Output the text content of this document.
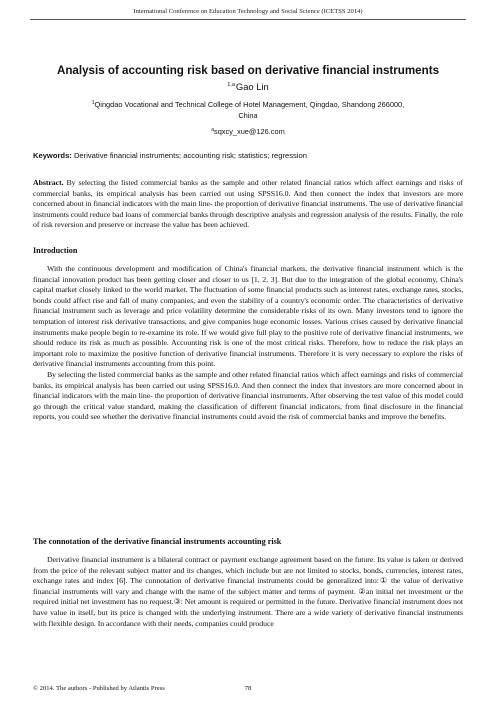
International Conference on Education Technology and Social Science (ICETSS 2014)
Analysis of accounting risk based on derivative financial instruments
$^{1,a}$Gao Lin
$^1$Qingdao Vocational and Technical College of Hotel Management, Qingdao, Shandong 266000, China
$^a$sqxcy_xue@126.com
Keywords: Derivative financial instruments; accounting risk; statistics; regression

Abstract. By selecting the listed commercial banks as the sample and other related financial ratios which affect earnings and risks of commercial banks, its empirical analysis has been carried out using SPSS16.0. And then connect the index that investors are more concerned about in financial indicators with the main line- the proportion of derivative financial instruments. The use of derivative financial instruments could reduce bad loans of commercial banks through descriptive analysis and regression analysis of the results. Finally, the role of risk reversion and preserve or increase the value has been achieved.

Introduction

With the continuous development and modification of China's financial markets, the derivative financial instrument which is the financial innovation product has been getting closer and closer to us [1, 2, 3]. But due to the integration of the global economy, China's capital market closely linked to the world market. The fluctuation of some financial products such as interest rates, exchange rates, stocks, bonds could affect rise and fall of many companies, and even the stability of a country's economic order. The characteristics of derivative financial instrument such as leverage and price volatility determine the considerable risks of its own. Many investors tend to ignore the temptation of interest risk derivative transactions, and give companies huge economic losses. Various crises caused by derivative financial instruments make people begin to re-examine its role. If we would give full play to the positive role of derivative financial instruments, we should reduce its risk as much as possible. Accounting risk is one of the most critical risks. Therefore, how to reduce the risk plays an important role to maximize the positive function of derivative financial instruments. Therefore it is very necessary to explore the risks of derivative financial instruments accounting from this point.

By selecting the listed commercial banks as the sample and other related financial ratios which affect earnings and risks of commercial banks, its empirical analysis has been carried out using SPSS16.0. And then connect the index that investors are more concerned about in financial indicators with the main line- the proportion of derivative financial instruments. After observing the test value of this model could go through the critical value standard, making the classification of different financial indicators, from final disclosure in the financial reports, you could see whether the derivative financial instruments could avoid the risk of commercial banks and improve the benefits.

The connotation of the derivative financial instruments accounting risk

Derivative financial instrument is a bilateral contract or payment exchange agreement based on the future. Its value is taken or derived from the price of the relevant subject matter and its changes, which include but are not limited to stocks, bonds, currencies, interest rates, exchange rates and index [6]. The connotation of derivative financial instruments could be generalized into:① the value of derivative financial instruments will vary and change with the name of the subject matter and terms of payment. ②an initial net investment or the required initial net investment has no request.③: Net amount is required or permitted in the future. Derivative financial instrument does not have value in itself, but its price is changed with the underlying instrument. There are a wide variety of derivative financial instruments with flexible design. In accordance with their needs, companies could produce

© 2014. The authors - Published by Atlantis Press	78
